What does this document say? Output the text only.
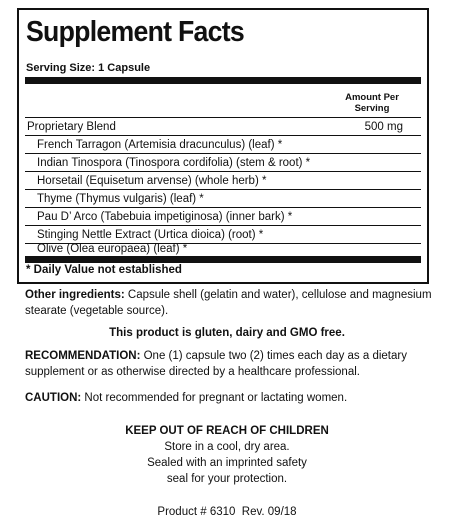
Supplement Facts
Serving Size: 1 Capsule
Amount Per
Serving
Proprietary Blend	500 mg
French Tarragon (Artemisia dracunculus) (leaf) *
Indian Tinospora (Tinospora cordifolia) (stem & root) *
Horsetail (Equisetum arvense) (whole herb) *
Thyme (Thymus vulgaris) (leaf) *
Pau D’ Arco (Tabebuia impetiginosa) (inner bark) *
Stinging Nettle Extract (Urtica dioica) (root) *
Olive (Olea europaea) (leaf) *
* Daily Value not established
Other ingredients: Capsule shell (gelatin and water), cellulose and magnesium stearate (vegetable source).
This product is gluten, dairy and GMO free.
RECOMMENDATION: One (1) capsule two (2) times each day as a dietary supplement or as otherwise directed by a healthcare professional.
CAUTION: Not recommended for pregnant or lactating women.
KEEP OUT OF REACH OF CHILDREN
Store in a cool, dry area.
Sealed with an imprinted safety
seal for your protection.
Product # 6310  Rev. 09/18
